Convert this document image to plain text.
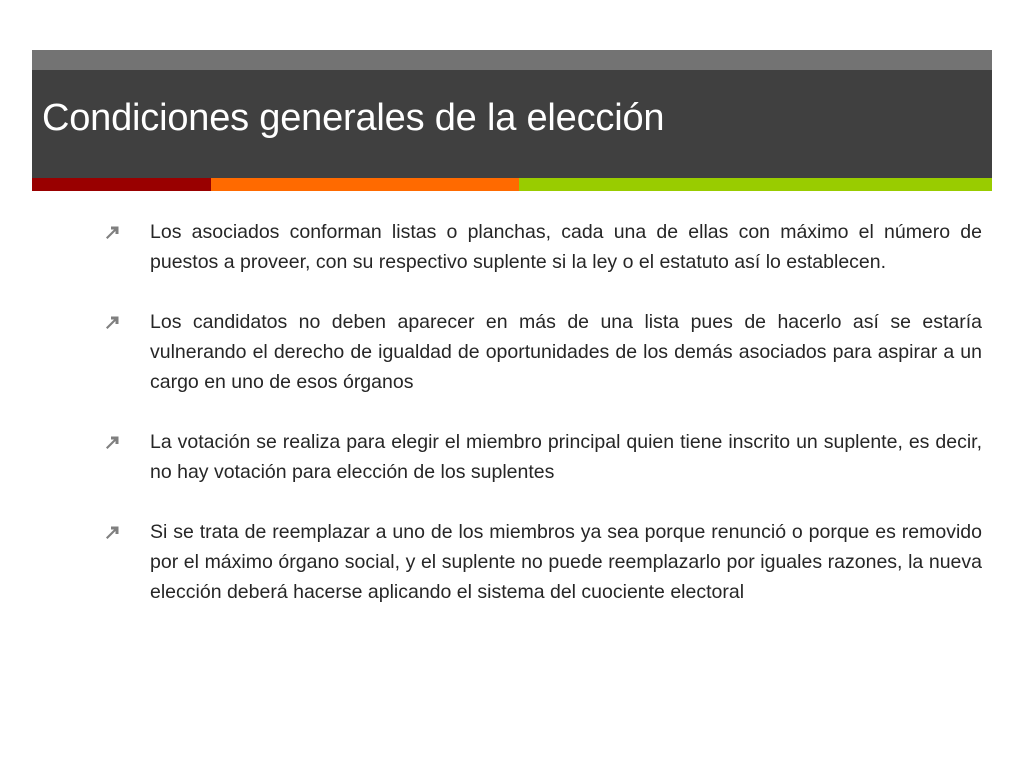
Condiciones generales de la elección
Los asociados conforman listas o planchas, cada una de ellas con máximo el número de puestos a proveer, con su respectivo suplente si la ley o el estatuto así lo establecen.
Los candidatos no deben aparecer en más de una lista pues de hacerlo así se estaría vulnerando el derecho de igualdad de oportunidades de los demás asociados para aspirar a un cargo en uno de esos órganos
La votación se realiza para elegir el miembro principal quien tiene inscrito un suplente, es decir, no hay votación para elección de los suplentes
Si se trata de reemplazar a uno de los miembros ya sea porque renunció o porque es removido por el máximo órgano social, y el suplente no puede reemplazarlo por iguales razones, la nueva elección deberá hacerse aplicando el sistema del cuociente electoral
